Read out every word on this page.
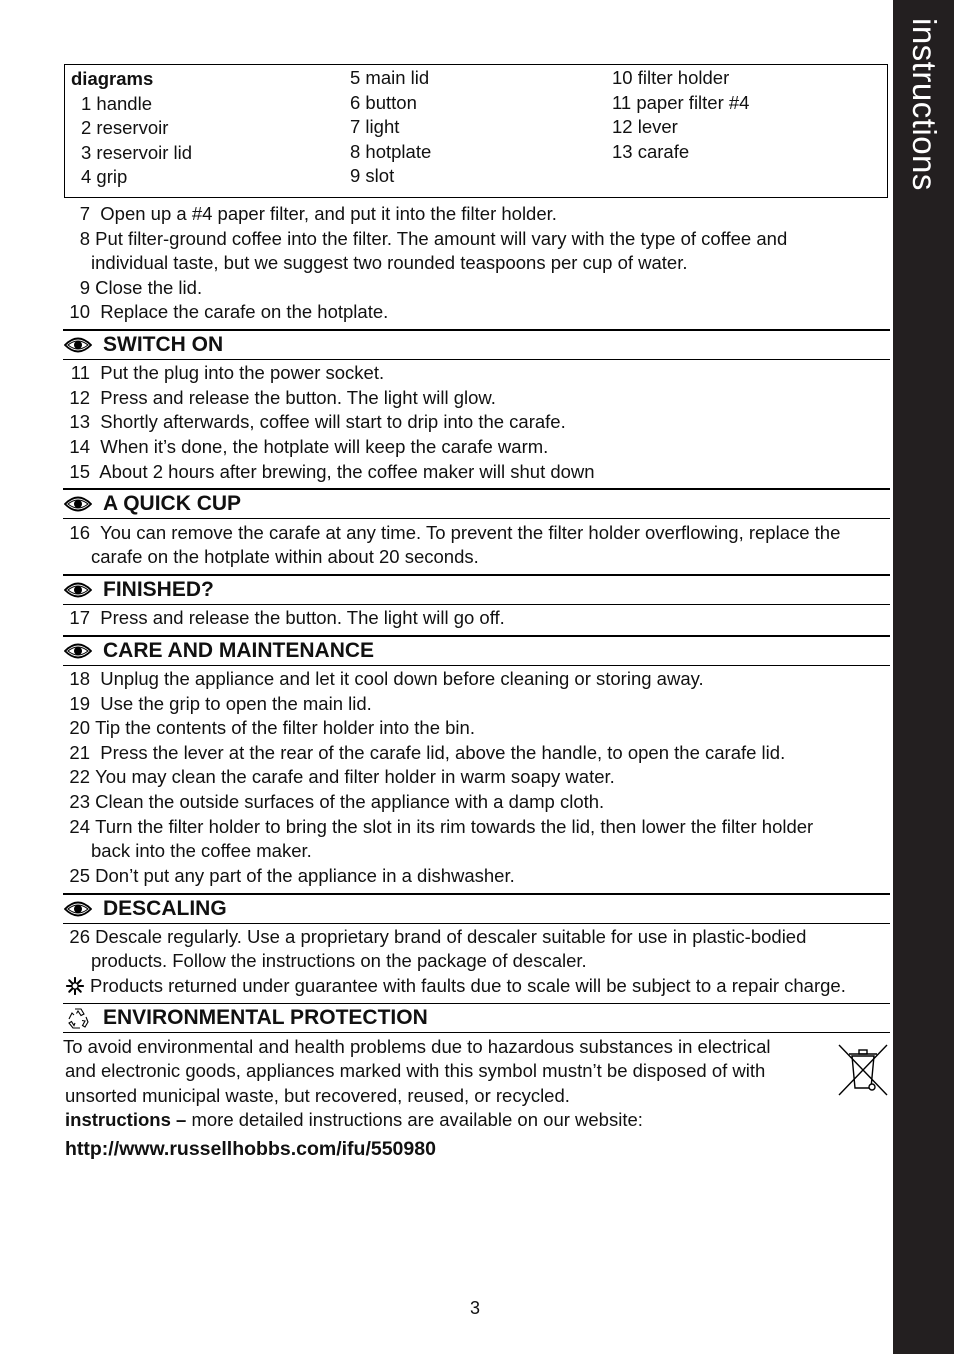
instructions
diagrams
1 handle
2 reservoir
3 reservoir lid
4 grip
5 main lid
6 button
7 light
8 hotplate
9 slot
10 filter holder
11 paper filter #4
12 lever
13 carafe
7 Open up a #4 paper filter, and put it into the filter holder.
8 Put filter-ground coffee into the filter. The amount will vary with the type of coffee and
individual taste, but we suggest two rounded teaspoons per cup of water.
9 Close the lid.
10 Replace the carafe on the hotplate.
SWITCH ON
11 Put the plug into the power socket.
12 Press and release the button. The light will glow.
13 Shortly afterwards, coffee will start to drip into the carafe.
14 When it’s done, the hotplate will keep the carafe warm.
15 About 2 hours after brewing, the coffee maker will shut down
A QUICK CUP
16 You can remove the carafe at any time. To prevent the filter holder overflowing, replace the
carafe on the hotplate within about 20 seconds.
FINISHED?
17 Press and release the button. The light will go off.
CARE AND MAINTENANCE
18 Unplug the appliance and let it cool down before cleaning or storing away.
19 Use the grip to open the main lid.
20 Tip the contents of the filter holder into the bin.
21 Press the lever at the rear of the carafe lid, above the handle, to open the carafe lid.
22 You may clean the carafe and filter holder in warm soapy water.
23 Clean the outside surfaces of the appliance with a damp cloth.
24 Turn the filter holder to bring the slot in its rim towards the lid, then lower the filter holder
back into the coffee maker.
25 Don’t put any part of the appliance in a dishwasher.
DESCALING
26 Descale regularly. Use a proprietary brand of descaler suitable for use in plastic-bodied
products. Follow the instructions on the package of descaler.
Products returned under guarantee with faults due to scale will be subject to a repair charge.
ENVIRONMENTAL PROTECTION
To avoid environmental and health problems due to hazardous substances in electrical
and electronic goods, appliances marked with this symbol mustn’t be disposed of with
unsorted municipal waste, but recovered, reused, or recycled.
instructions – more detailed instructions are available on our website:
http://www.russellhobbs.com/ifu/550980
3
